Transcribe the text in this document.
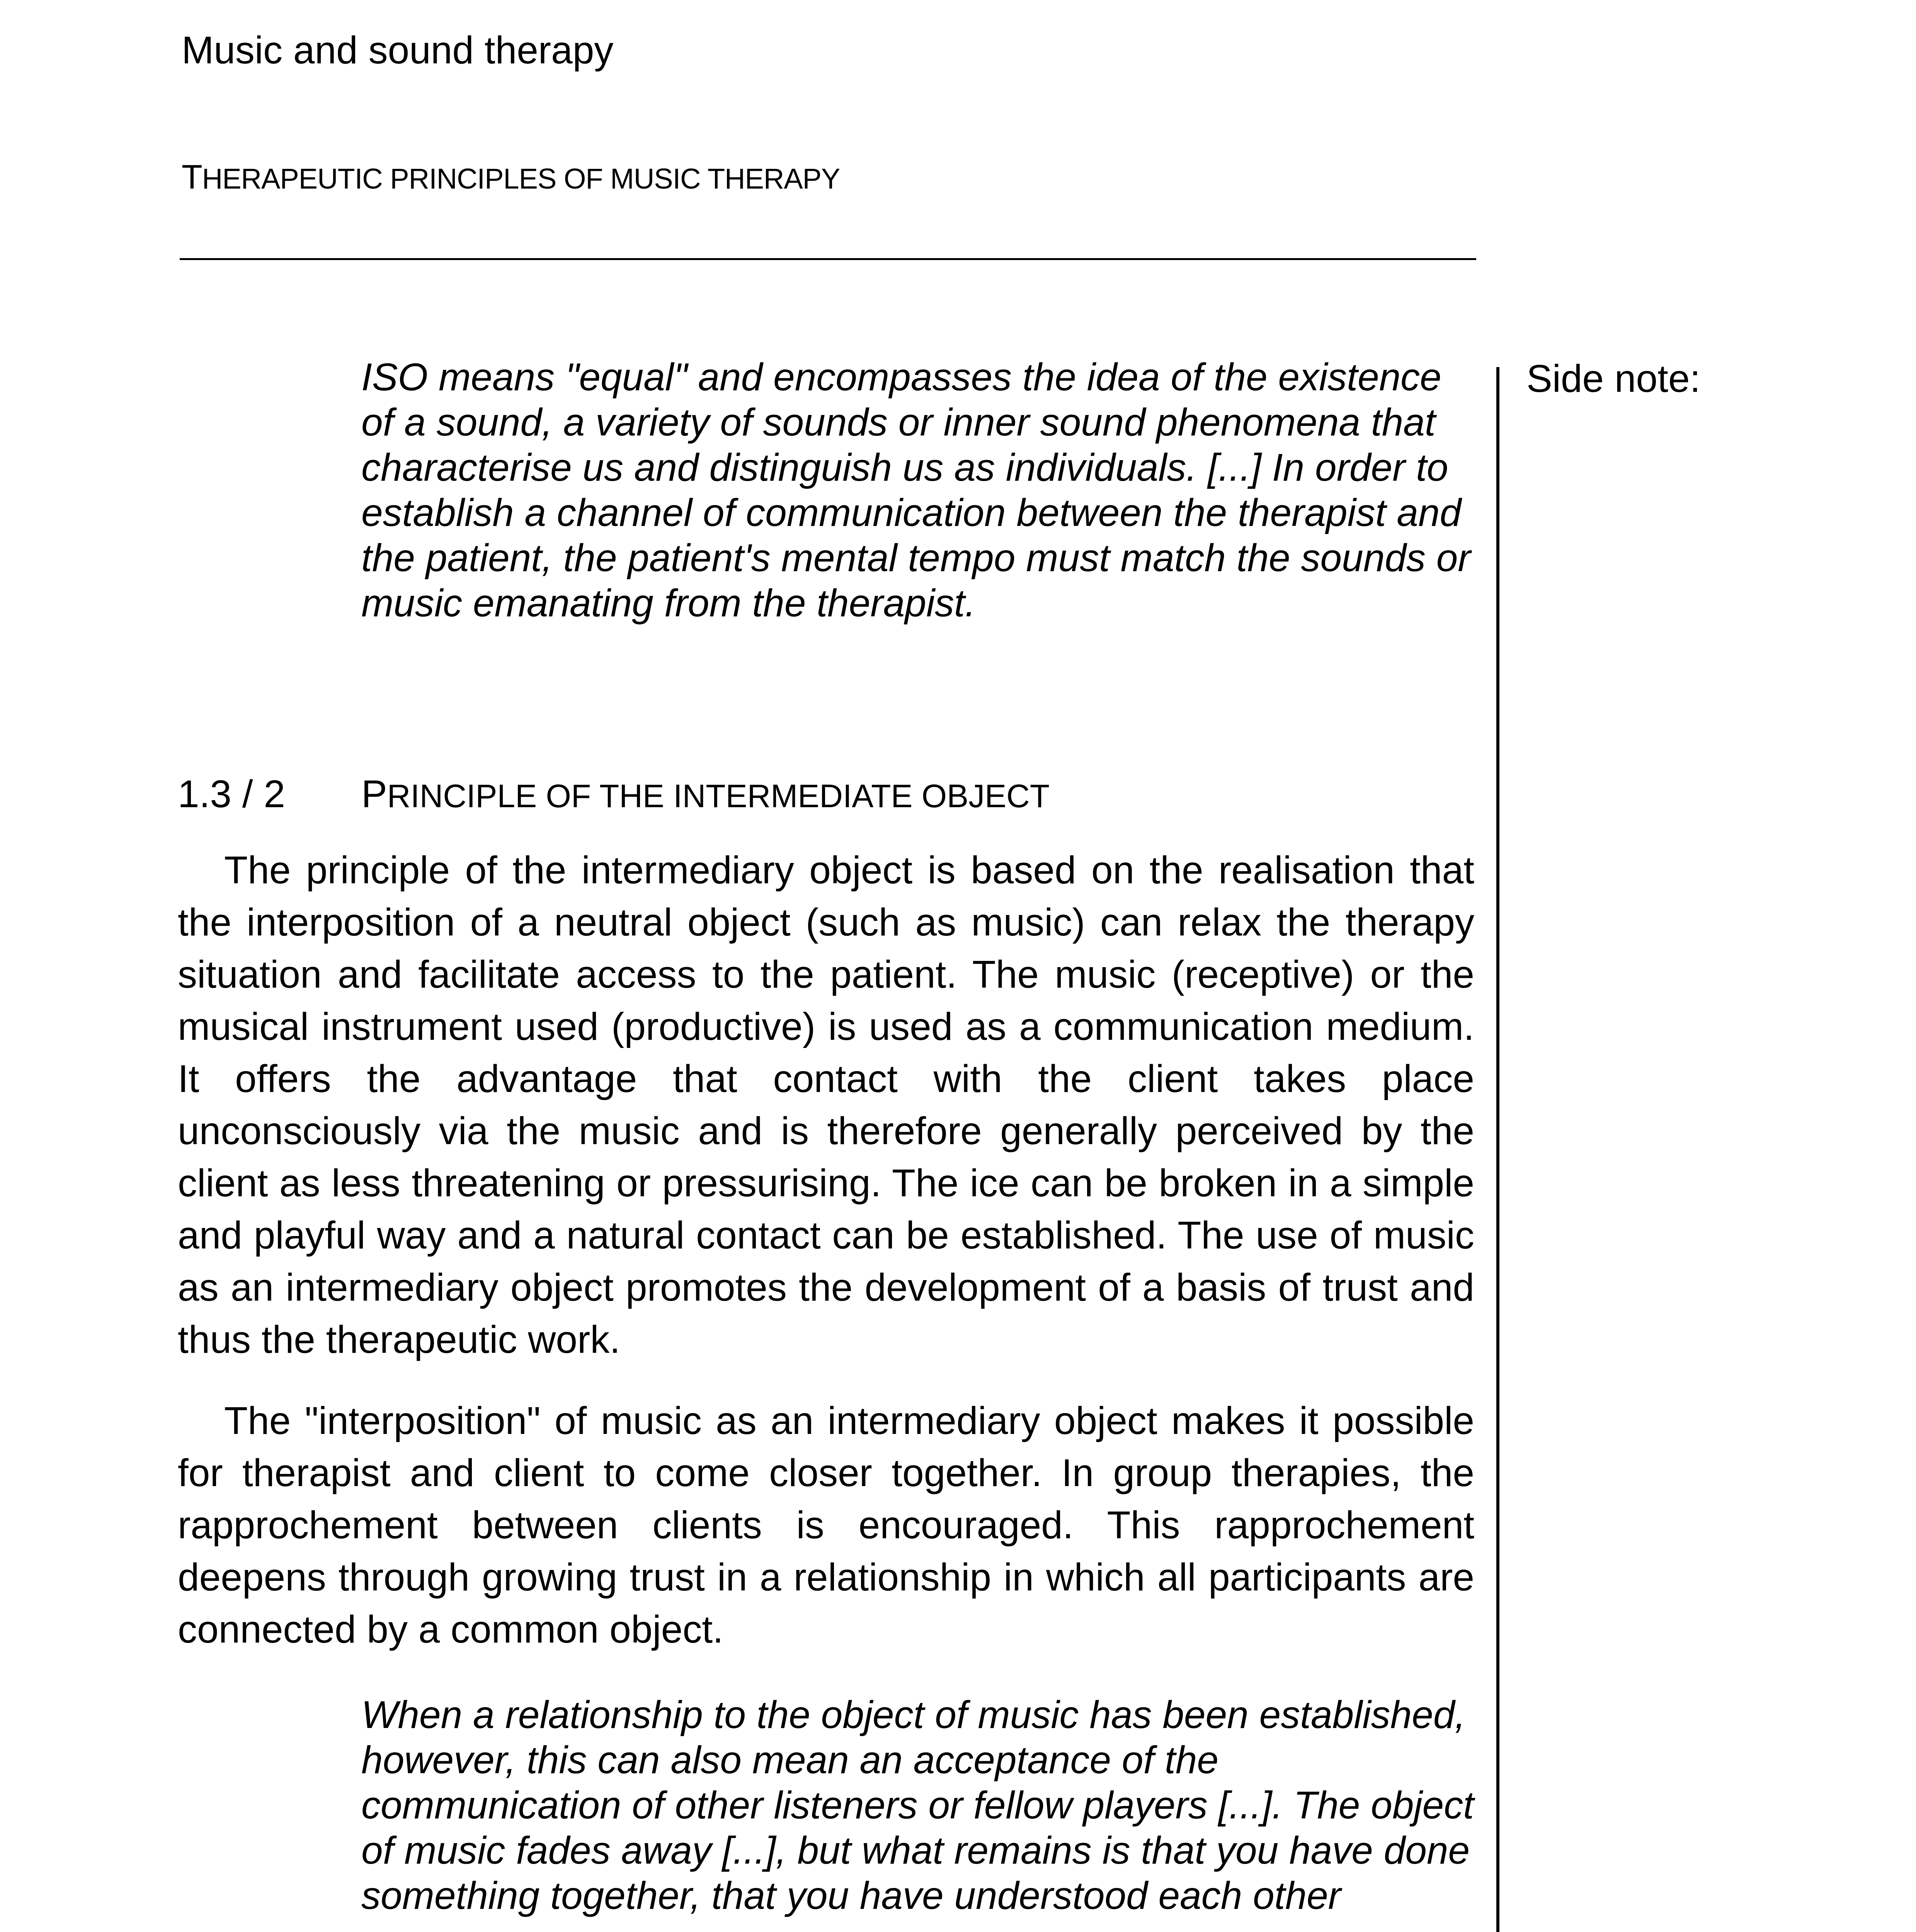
Music and sound therapy
THERAPEUTIC PRINCIPLES OF MUSIC THERAPY
Side note:

ISO means "equal" and encompasses the idea of the existence of a sound, a variety of sounds or inner sound phenomena that characterise us and distinguish us as individuals. [...] In order to establish a channel of communication between the therapist and the patient, the patient's mental tempo must match the sounds or music emanating from the therapist.

1.3 / 2 PRINCIPLE OF THE INTERMEDIATE OBJECT

The principle of the intermediary object is based on the realisation that the interposition of a neutral object (such as music) can relax the therapy situation and facilitate access to the patient. The music (receptive) or the musical instrument used (productive) is used as a communication medium. It offers the advantage that contact with the client takes place unconsciously via the music and is therefore generally perceived by the client as less threatening or pressurising. The ice can be broken in a simple and playful way and a natural contact can be established. The use of music as an intermediary object promotes the development of a basis of trust and thus the therapeutic work.

The "interposition" of music as an intermediary object makes it possible for therapist and client to come closer together. In group therapies, the rapprochement between clients is encouraged. This rapprochement deepens through growing trust in a relationship in which all participants are connected by a common object.

When a relationship to the object of music has been established, however, this can also mean an acceptance of the communication of other listeners or fellow players [...]. The object of music fades away [...], but what remains is that you have done something together, that you have understood each other
